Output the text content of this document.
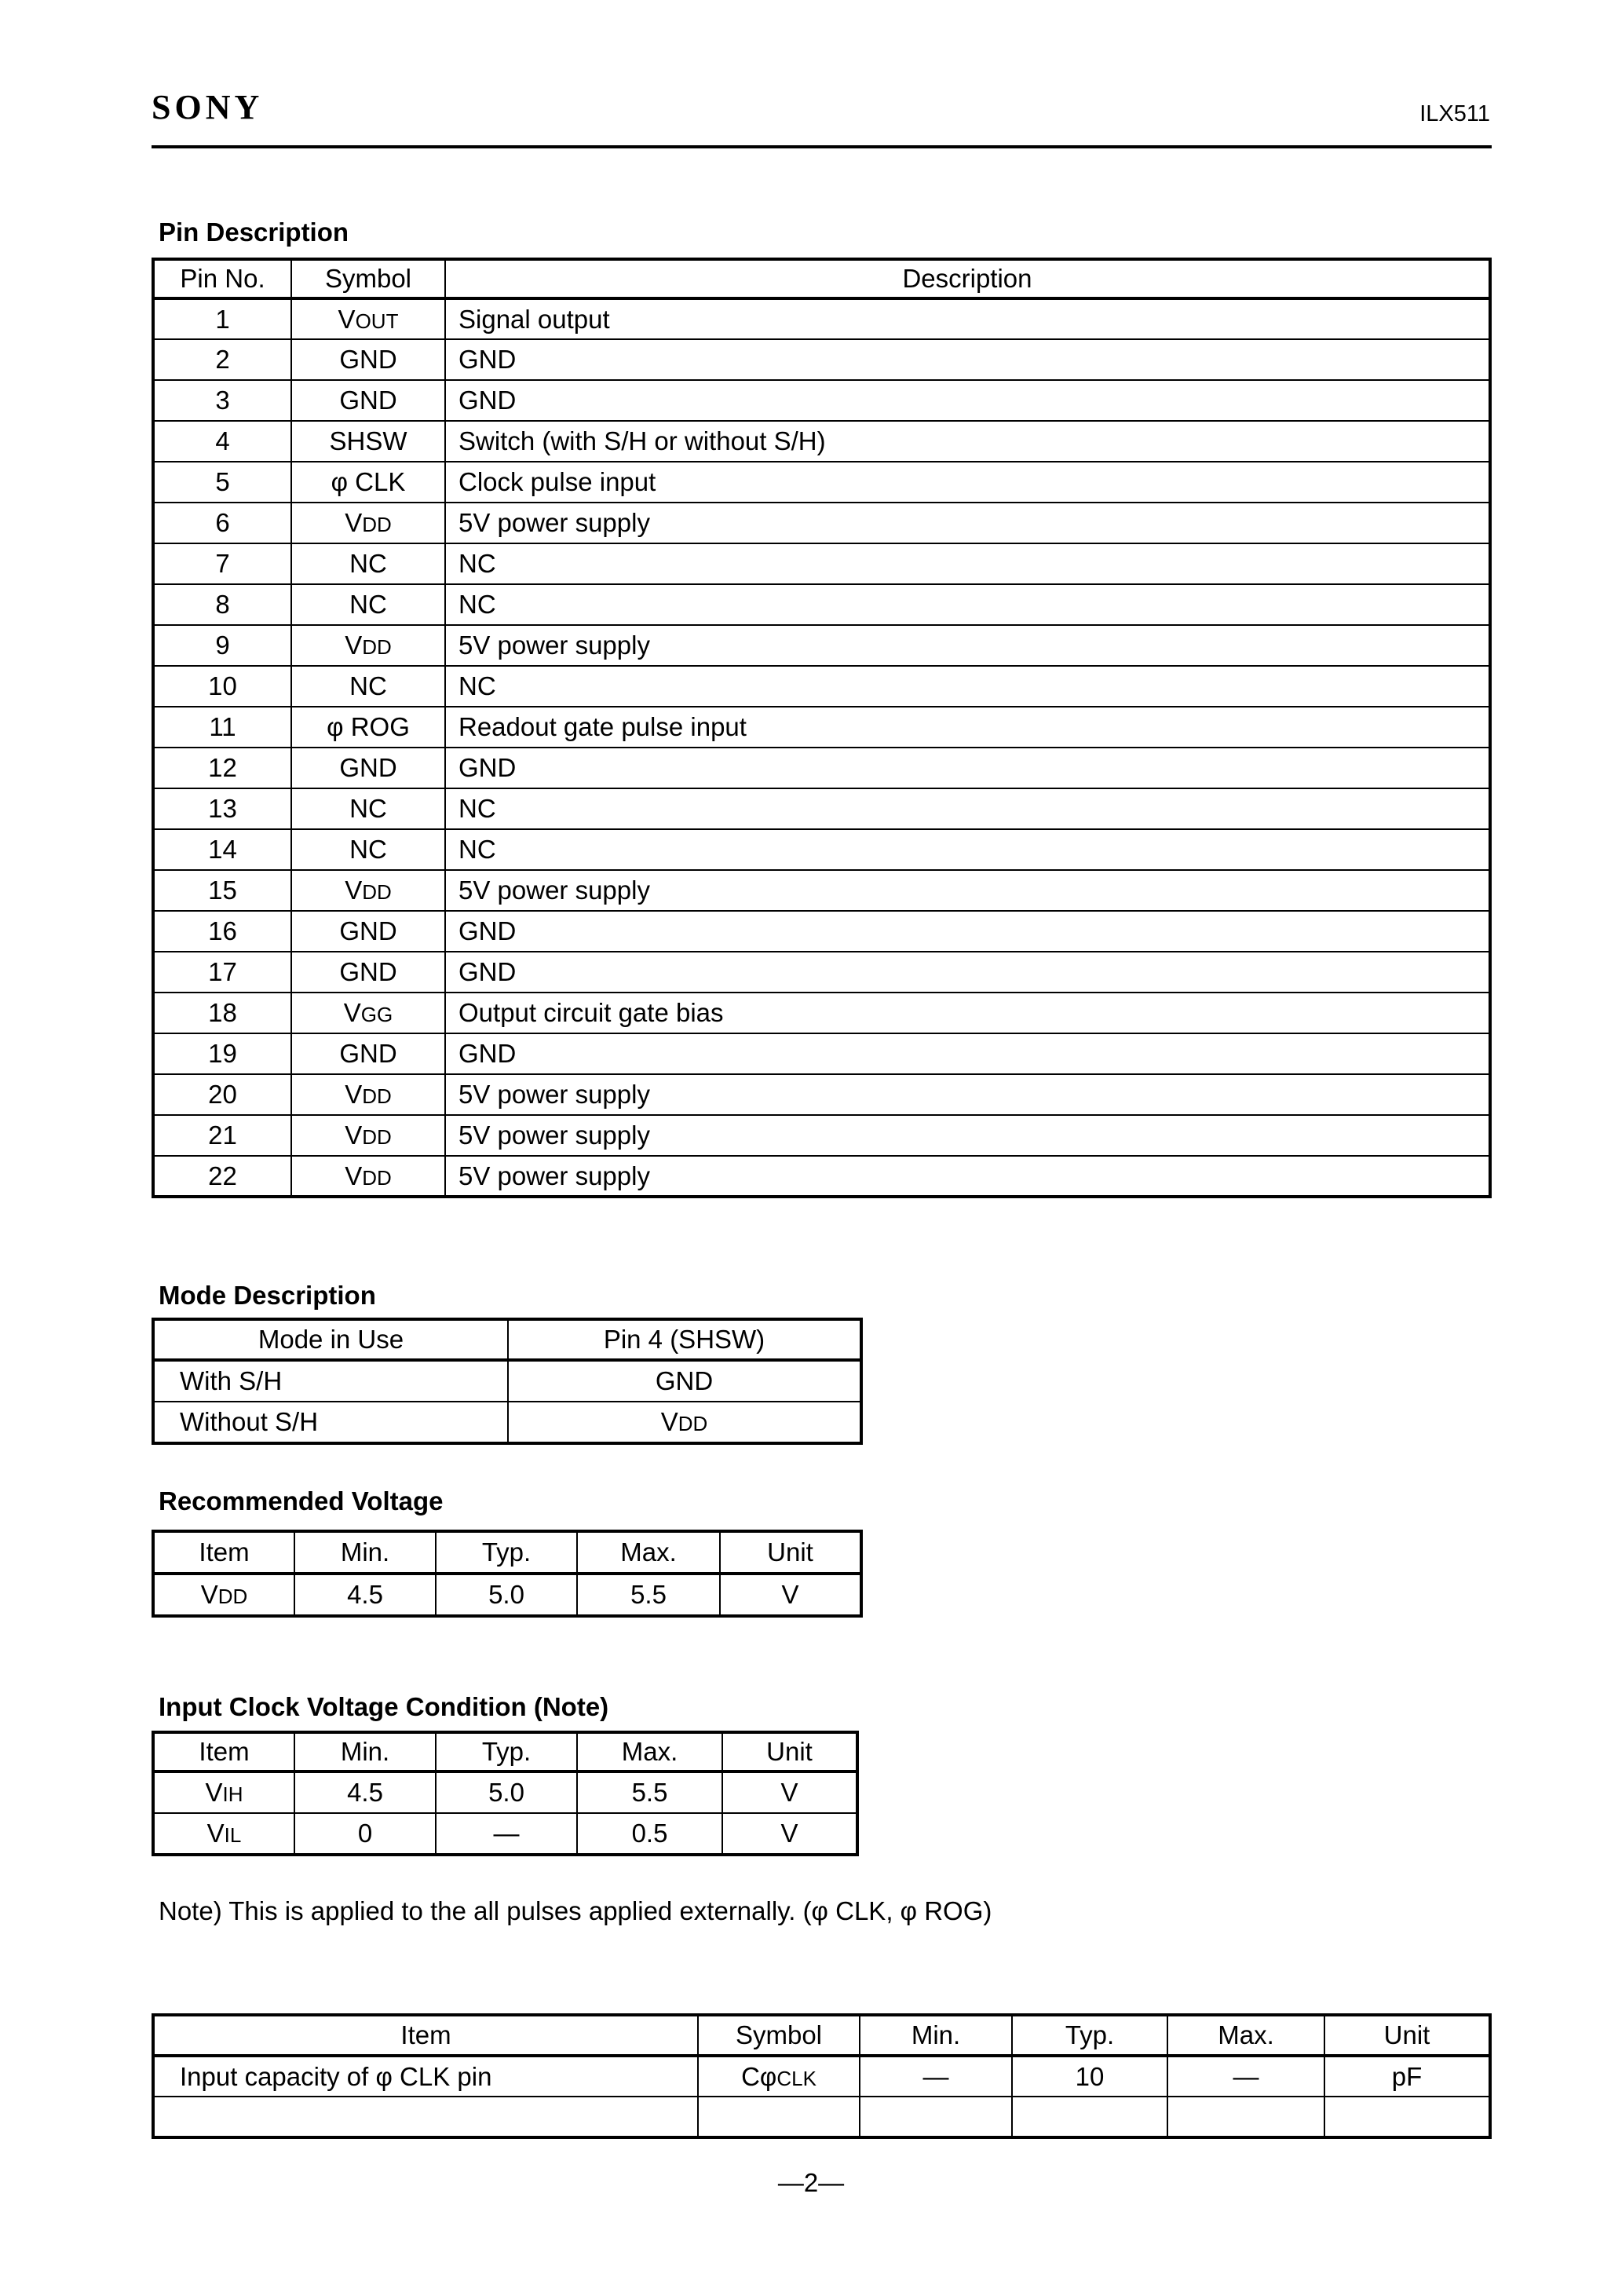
SONY	ILX511
Pin Description
Pin No.	Symbol	Description
1	VOUT	Signal output
2	GND	GND
3	GND	GND
4	SHSW	Switch (with S/H or without S/H)
5	φ CLK	Clock pulse input
6	VDD	5V power supply
7	NC	NC
8	NC	NC
9	VDD	5V power supply
10	NC	NC
11	φ ROG	Readout gate pulse input
12	GND	GND
13	NC	NC
14	NC	NC
15	VDD	5V power supply
16	GND	GND
17	GND	GND
18	VGG	Output circuit gate bias
19	GND	GND
20	VDD	5V power supply
21	VDD	5V power supply
22	VDD	5V power supply
Mode Description
Mode in Use	Pin 4 (SHSW)
With S/H	GND
Without S/H	VDD
Recommended Voltage
Item	Min.	Typ.	Max.	Unit
VDD	4.5	5.0	5.5	V
Input Clock Voltage Condition (Note)
Item	Min.	Typ.	Max.	Unit
VIH	4.5	5.0	5.5	V
VIL	0	—	0.5	V
Note) This is applied to the all pulses applied externally. (φ CLK, φ ROG)
Item	Symbol	Min.	Typ.	Max.	Unit
Input capacity of φ CLK pin	CφCLK	—	10	—	pF

—2—
